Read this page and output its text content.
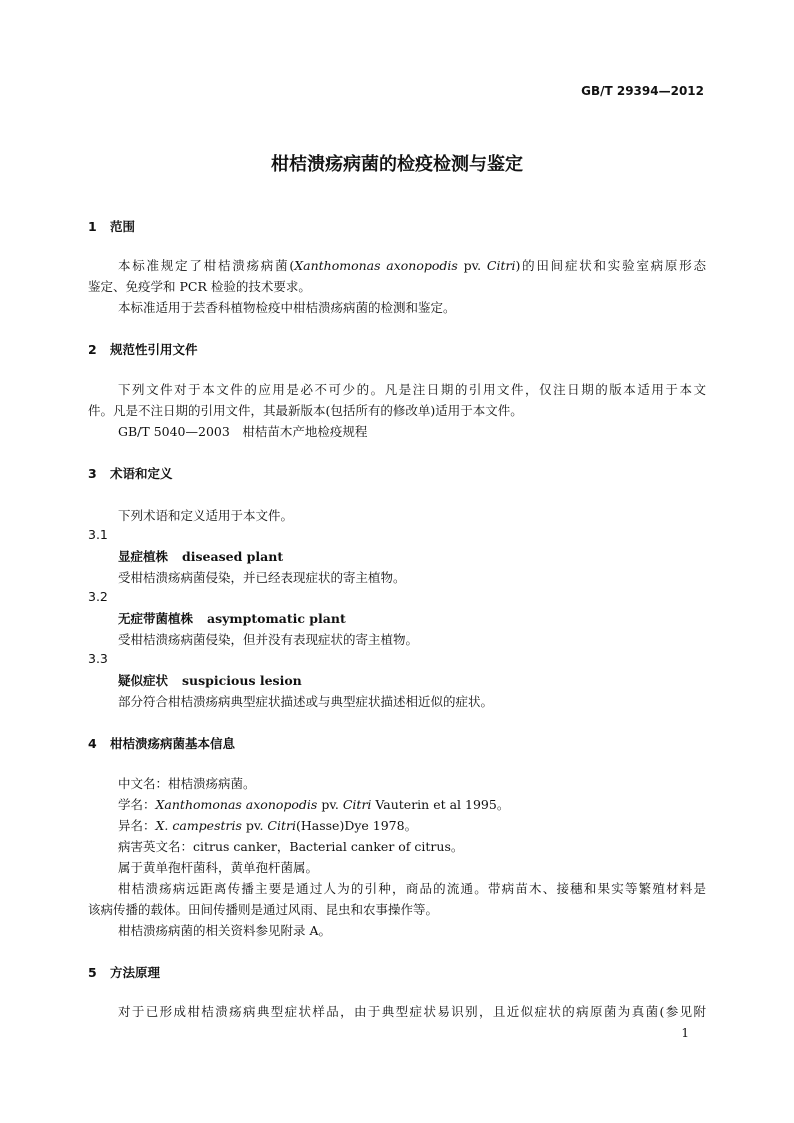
GB/T 29394—2012
柑桔溃疡病菌的检疫检测与鉴定
1 范围
本标准规定了柑桔溃疡病菌(Xanthomonas axonopodis pv. Citri)的田间症状和实验室病原形态
鉴定、免疫学和 PCR 检验的技术要求。
本标准适用于芸香科植物检疫中柑桔溃疡病菌的检测和鉴定。
2 规范性引用文件
下列文件对于本文件的应用是必不可少的。凡是注日期的引用文件，仅注日期的版本适用于本文
件。凡是不注日期的引用文件，其最新版本(包括所有的修改单)适用于本文件。
GB/T 5040—2003　柑桔苗木产地检疫规程
3 术语和定义
下列术语和定义适用于本文件。
3.1
显症植株 diseased plant
受柑桔溃疡病菌侵染，并已经表现症状的寄主植物。
3.2
无症带菌植株 asymptomatic plant
受柑桔溃疡病菌侵染，但并没有表现症状的寄主植物。
3.3
疑似症状 suspicious lesion
部分符合柑桔溃疡病典型症状描述或与典型症状描述相近似的症状。
4 柑桔溃疡病菌基本信息
中文名：柑桔溃疡病菌。
学名：Xanthomonas axonopodis pv. Citri Vauterin et al 1995。
异名：X. campestris pv. Citri(Hasse)Dye 1978。
病害英文名：citrus canker，Bacterial canker of citrus。
属于黄单孢杆菌科，黄单孢杆菌属。
柑桔溃疡病远距离传播主要是通过人为的引种，商品的流通。带病苗木、接穗和果实等繁殖材料是
该病传播的载体。田间传播则是通过风雨、昆虫和农事操作等。
柑桔溃疡病菌的相关资料参见附录 A。
5 方法原理
对于已形成柑桔溃疡病典型症状样品，由于典型症状易识别，且近似症状的病原菌为真菌(参见附
1
